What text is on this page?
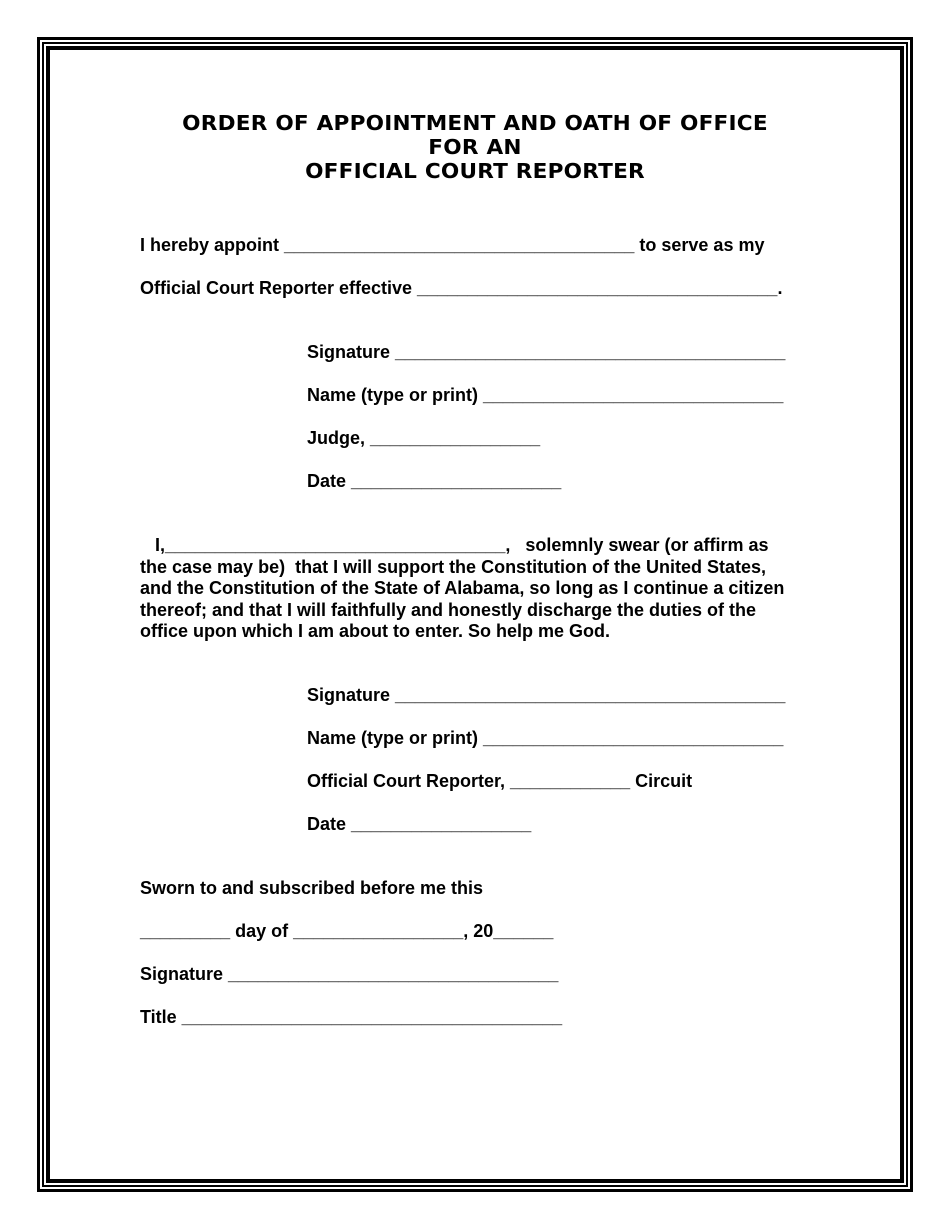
ORDER OF APPOINTMENT AND OATH OF OFFICE
FOR AN
OFFICIAL COURT REPORTER
I hereby appoint ___________________________________ to serve as my
Official Court Reporter effective ____________________________________.
Signature _______________________________________
Name (type or print) ______________________________
Judge, _________________
Date _____________________
I,__________________________________,   solemnly swear (or affirm as
the case may be)  that I will support the Constitution of the United States,
and the Constitution of the State of Alabama, so long as I continue a citizen
thereof; and that I will faithfully and honestly discharge the duties of the
office upon which I am about to enter. So help me God.
Signature _______________________________________
Name (type or print) ______________________________
Official Court Reporter, ____________ Circuit
Date __________________
Sworn to and subscribed before me this
_________ day of _________________, 20______
Signature _________________________________
Title ______________________________________
